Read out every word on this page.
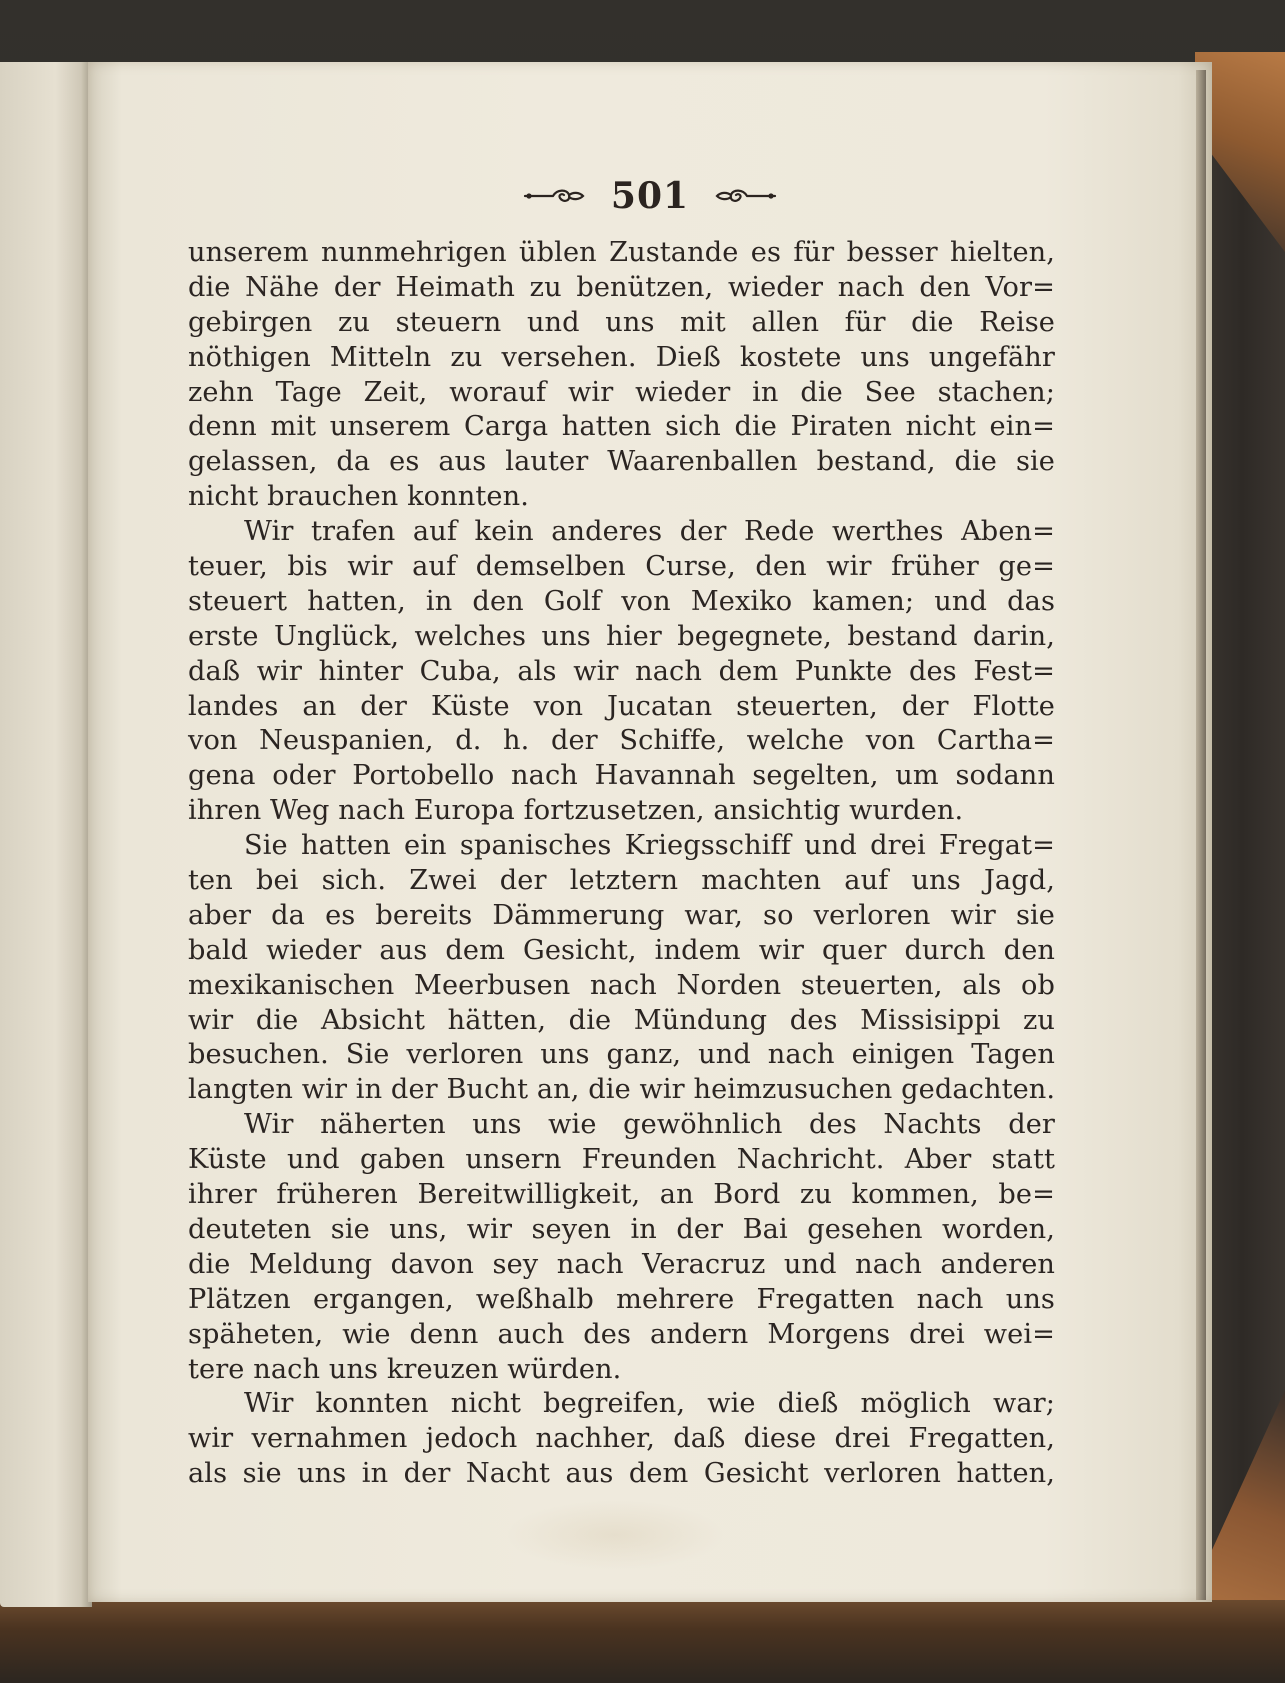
501
unserem nunmehrigen üblen Zustande es für besser hielten,
die Nähe der Heimath zu benützen, wieder nach den Vor=
gebirgen zu steuern und uns mit allen für die Reise
nöthigen Mitteln zu versehen. Dieß kostete uns ungefähr
zehn Tage Zeit, worauf wir wieder in die See stachen;
denn mit unserem Carga hatten sich die Piraten nicht ein=
gelassen, da es aus lauter Waarenballen bestand, die sie
nicht brauchen konnten.
Wir trafen auf kein anderes der Rede werthes Aben=
teuer, bis wir auf demselben Curse, den wir früher ge=
steuert hatten, in den Golf von Mexiko kamen; und das
erste Unglück, welches uns hier begegnete, bestand darin,
daß wir hinter Cuba, als wir nach dem Punkte des Fest=
landes an der Küste von Jucatan steuerten, der Flotte
von Neuspanien, d. h. der Schiffe, welche von Cartha=
gena oder Portobello nach Havannah segelten, um sodann
ihren Weg nach Europa fortzusetzen, ansichtig wurden.
Sie hatten ein spanisches Kriegsschiff und drei Fregat=
ten bei sich. Zwei der letztern machten auf uns Jagd,
aber da es bereits Dämmerung war, so verloren wir sie
bald wieder aus dem Gesicht, indem wir quer durch den
mexikanischen Meerbusen nach Norden steuerten, als ob
wir die Absicht hätten, die Mündung des Missisippi zu
besuchen. Sie verloren uns ganz, und nach einigen Tagen
langten wir in der Bucht an, die wir heimzusuchen gedachten.
Wir näherten uns wie gewöhnlich des Nachts der
Küste und gaben unsern Freunden Nachricht. Aber statt
ihrer früheren Bereitwilligkeit, an Bord zu kommen, be=
deuteten sie uns, wir seyen in der Bai gesehen worden,
die Meldung davon sey nach Veracruz und nach anderen
Plätzen ergangen, weßhalb mehrere Fregatten nach uns
späheten, wie denn auch des andern Morgens drei wei=
tere nach uns kreuzen würden.
Wir konnten nicht begreifen, wie dieß möglich war;
wir vernahmen jedoch nachher, daß diese drei Fregatten,
als sie uns in der Nacht aus dem Gesicht verloren hatten,
